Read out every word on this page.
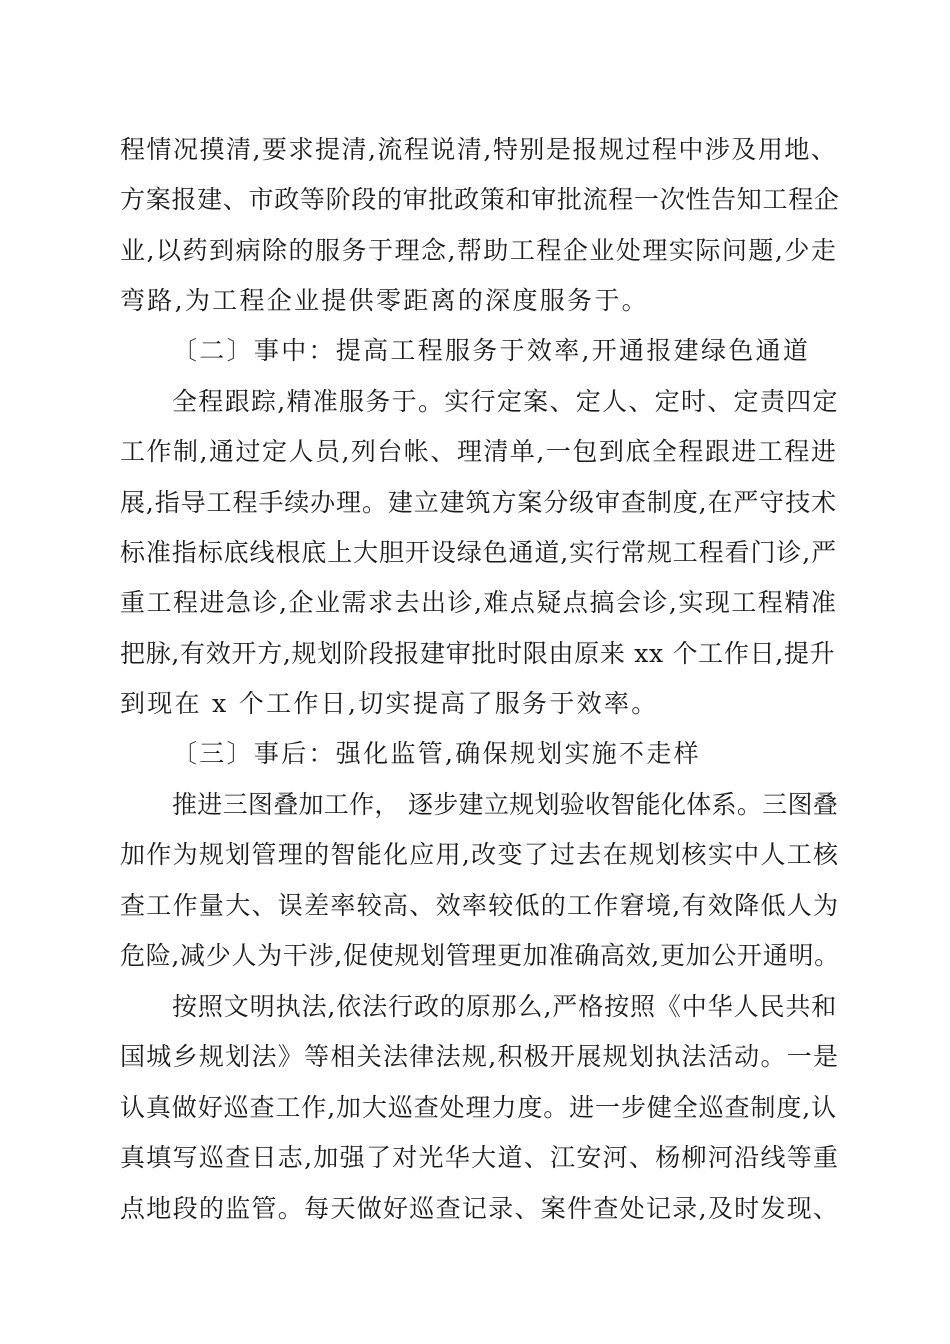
程情况摸清,要求提清,流程说清,特别是报规过程中涉及用地、
方案报建、市政等阶段的审批政策和审批流程一次性告知工程企
业,以药到病除的服务于理念,帮助工程企业处理实际问题,少走
弯路,为工程企业提供零距离的深度服务于。
〔二〕事中：提高工程服务于效率,开通报建绿色通道
全程跟踪,精准服务于。实行定案、定人、定时、定责四定
工作制,通过定人员,列台帐、理清单,一包到底全程跟进工程进
展,指导工程手续办理。建立建筑方案分级审查制度,在严守技术
标准指标底线根底上大胆开设绿色通道,实行常规工程看门诊,严
重工程进急诊,企业需求去出诊,难点疑点搞会诊,实现工程精准
把脉,有效开方,规划阶段报建审批时限由原来 xx 个工作日,提升
到现在 x 个工作日,切实提高了服务于效率。
〔三〕事后：强化监管,确保规划实施不走样
推进三图叠加工作， 逐步建立规划验收智能化体系。三图叠
加作为规划管理的智能化应用,改变了过去在规划核实中人工核
查工作量大、误差率较高、效率较低的工作窘境,有效降低人为
危险,减少人为干涉,促使规划管理更加准确高效,更加公开通明。
按照文明执法,依法行政的原那么,严格按照《中华人民共和
国城乡规划法》等相关法律法规,积极开展规划执法活动。一是
认真做好巡查工作,加大巡查处理力度。进一步健全巡查制度,认
真填写巡查日志,加强了对光华大道、江安河、杨柳河沿线等重
点地段的监管。每天做好巡查记录、案件查处记录,及时发现、
